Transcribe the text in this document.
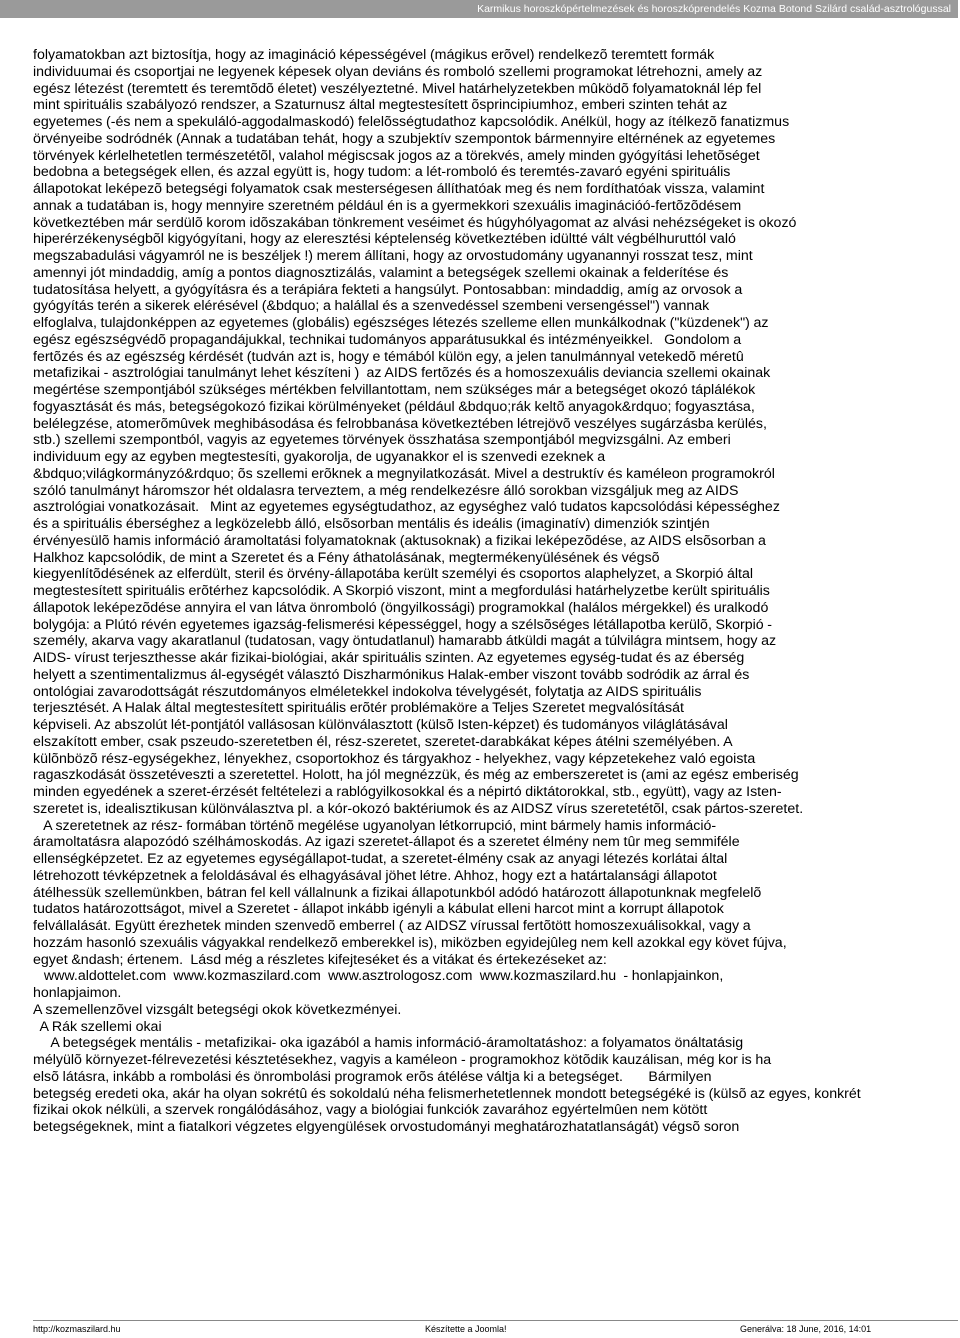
Karmikus horoszkópértelmezések és horoszkóprendelés Kozma Botond Szilárd család-asztrológussal
folyamatokban azt biztosítja, hogy az imagináció képességével (mágikus erõvel) rendelkezõ teremtett formák
individuumai és csoportjai ne legyenek képesek olyan deviáns és romboló szellemi programokat létrehozni, amely az
egész létezést (teremtett és teremtõdõ életet) veszélyeztetné. Mivel határhelyzetekben mûködõ folyamatoknál lép fel
mint spirituális szabályozó rendszer, a Szaturnusz által megtestesített õsprincipiumhoz, emberi szinten tehát az
egyetemes (-és nem a spekuláló-aggodalmaskodó) felelõsségtudathoz kapcsolódik. Anélkül, hogy az ítélkezõ fanatizmus
örvényeibe sodródnék (Annak a tudatában tehát, hogy a szubjektív szempontok bármennyire eltérnének az egyetemes
törvények kérlelhetetlen természetétõl, valahol mégiscsak jogos az a törekvés, amely minden gyógyítási lehetõséget
bedobna a betegségek ellen, és azzal együtt is, hogy tudom: a lét-romboló és teremtés-zavaró egyéni spirituális
állapotokat leképezõ betegségi folyamatok csak mesterségesen állíthatóak meg és nem fordíthatóak vissza, valamint
annak a tudatában is, hogy mennyire szeretném például én is a gyermekkori szexuális imaginációó-fertõzõdésem
következtében már serdülõ korom idõszakában tönkrement veséimet és húgyhólyagomat az alvási nehézségeket is okozó
hiperérzékenységbõl kigyógyítani, hogy az eleresztési képtelenség következtében idültté vált végbélhuruttól való
megszabadulási vágyamról ne is beszéljek !) merem állítani, hogy az orvostudomány ugyanannyi rosszat tesz, mint
amennyi jót mindaddig, amíg a pontos diagnosztizálás, valamint a betegségek szellemi okainak a felderítése és
tudatosítása helyett, a gyógyításra és a terápiára fekteti a hangsúlyt. Pontosabban: mindaddig, amíg az orvosok a
gyógyítás terén a sikerek elérésével (&bdquo; a halállal és a szenvedéssel szembeni versengéssel") vannak
elfoglalva, tulajdonképpen az egyetemes (globális) egészséges létezés szelleme ellen munkálkodnak ("küzdenek") az
egész egészségvédõ propagandájukkal, technikai tudományos apparátusukkal és intézményeikkel.   Gondolom a
fertõzés és az egészség kérdését (tudván azt is, hogy e témából külön egy, a jelen tanulmánnyal vetekedõ méretû
metafizikai - asztrológiai tanulmányt lehet készíteni )  az AIDS fertõzés és a homoszexuális deviancia szellemi okainak
megértése szempontjából szükséges mértékben felvillantottam, nem szükséges már a betegséget okozó táplálékok
fogyasztását és más, betegségokozó fizikai körülményeket (például &bdquo;rák keltõ anyagok&rdquo; fogyasztása,
belélegzése, atomerõmûvek meghibásodása és felrobbanása következtében létrejövõ veszélyes sugárzásba kerülés,
stb.) szellemi szempontból, vagyis az egyetemes törvények összhatása szempontjából megvizsgálni. Az emberi
individuum egy az egyben megtestesíti, gyakorolja, de ugyanakkor el is szenvedi ezeknek a
&bdquo;világkormányzó&rdquo; õs szellemi erõknek a megnyilatkozását. Mivel a destruktív és kaméleon programokról
szóló tanulmányt háromszor hét oldalasra terveztem, a még rendelkezésre álló sorokban vizsgáljuk meg az AIDS
asztrológiai vonatkozásait.   Mint az egyetemes egységtudathoz, az egységhez való tudatos kapcsolódási képességhez
és a spirituális éberséghez a legközelebb álló, elsõsorban mentális és ideális (imaginatív) dimenziók szintjén
érvényesülõ hamis információ áramoltatási folyamatoknak (aktusoknak) a fizikai leképezõdése, az AIDS elsõsorban a
Halkhoz kapcsolódik, de mint a Szeretet és a Fény áthatolásának, megtermékenyülésének és végsõ
kiegyenlítõdésének az elferdült, steril és örvény-állapotába került személyi és csoportos alaphelyzet, a Skorpió által
megtestesített spirituális erõtérhez kapcsolódik. A Skorpió viszont, mint a megfordulási határhelyzetbe került spirituális
állapotok leképezõdése annyira el van látva önromboló (öngyilkossági) programokkal (halálos mérgekkel) és uralkodó
bolygója: a Plútó révén egyetemes igazság-felismerési képességgel, hogy a szélsõséges létállapotba kerülõ, Skorpió -
személy, akarva vagy akaratlanul (tudatosan, vagy öntudatlanul) hamarabb átküldi magát a túlvilágra mintsem, hogy az
AIDS- vírust terjeszthesse akár fizikai-biológiai, akár spirituális szinten. Az egyetemes egység-tudat és az éberség
helyett a szentimentalizmus ál-egységét választó Diszharmónikus Halak-ember viszont tovább sodródik az árral és
ontológiai zavarodottságát részutdományos elméletekkel indokolva tévelygését, folytatja az AIDS spirituális
terjesztését. A Halak által megtestesített spirituális erõtér problémaköre a Teljes Szeretet megvalósítását
képviseli. Az abszolút lét-pontjától vallásosan különválasztott (külsõ Isten-képzet) és tudományos világlátásával
elszakított ember, csak pszeudo-szeretetben él, rész-szeretet, szeretet-darabkákat képes átélni személyében. A
külõnbözõ rész-egységekhez, lényekhez, csoportokhoz és tárgyakhoz - helyekhez, vagy képzetekehez való egoista
ragaszkodását összetéveszti a szeretettel. Holott, ha jól megnézzük, és még az emberszeretet is (ami az egész emberiség
minden egyedének a szeret-érzését feltételezi a rablógyilkosokkal és a népirtó diktátorokkal, stb., együtt), vagy az Isten-
szeretet is, idealisztikusan különválasztva pl. a kór-okozó baktériumok és az AIDSZ vírus szeretetétõl, csak pártos-szeretet.
A szeretetnek az rész- formában történõ megélése ugyanolyan létkorrupció, mint bármely hamis információ-
áramoltatásra alapozódó szélhámoskodás. Az igazi szeretet-állapot és a szeretet élmény nem tûr meg semmiféle
ellenségképzetet. Ez az egyetemes egységállapot-tudat, a szeretet-élmény csak az anyagi létezés korlátai által
létrehozott tévképzetnek a feloldásával és elhagyásával jöhet létre. Ahhoz, hogy ezt a határtalansági állapotot
átélhessük szellemünkben, bátran fel kell vállalnunk a fizikai állapotunkból adódó határozott állapotunknak megfelelõ
tudatos határozottságot, mivel a Szeretet - állapot inkább igényli a kábulat elleni harcot mint a korrupt állapotok
felvállalását. Együtt érezhetek minden szenvedõ emberrel ( az AIDSZ vírussal fertõtött homoszexuálisokkal, vagy a
hozzám hasonló szexuális vágyakkal rendelkezõ emberekkel is), miközben egyidejûleg nem kell azokkal egy követ fújva,
egyet &ndash; értenem.  Lásd még a részletes kifejteséket és a vitákat és értekezéseket az:
www.aldottelet.com  www.kozmaszilard.com  www.asztrologosz.com  www.kozmaszilard.hu  - honlapjainkon,
honlapjaimon.
A szemellenzõvel vizsgált betegségi okok következményei.
A Rák szellemi okai
A betegségek mentális - metafizikai- oka igazából a hamis információ-áramoltatáshoz: a folyamatos önáltatásig
mélyülõ környezet-félrevezetési késztetésekhez, vagyis a kaméleon - programokhoz kötõdik kauzálisan, még kor is ha
elsõ látásra, inkább a rombolási és önrombolási programok erõs átélése váltja ki a betegséget.       Bármilyen
betegség eredeti oka, akár ha olyan sokrétû és sokoldalú néha felismerhetetlennek mondott betegségéké is (külsõ az egyes, konkrét
fizikai okok nélküli, a szervek rongálódásához, vagy a biológiai funkciók zavarához egyértelmûen nem kötött
betegségeknek, mint a fiatalkori végzetes elgyengülések orvostudományi meghatározhatatlanságát) végsõ soron
http://kozmaszilard.hu	Készítette a Joomla!	Generálva: 18 June, 2016, 14:01
